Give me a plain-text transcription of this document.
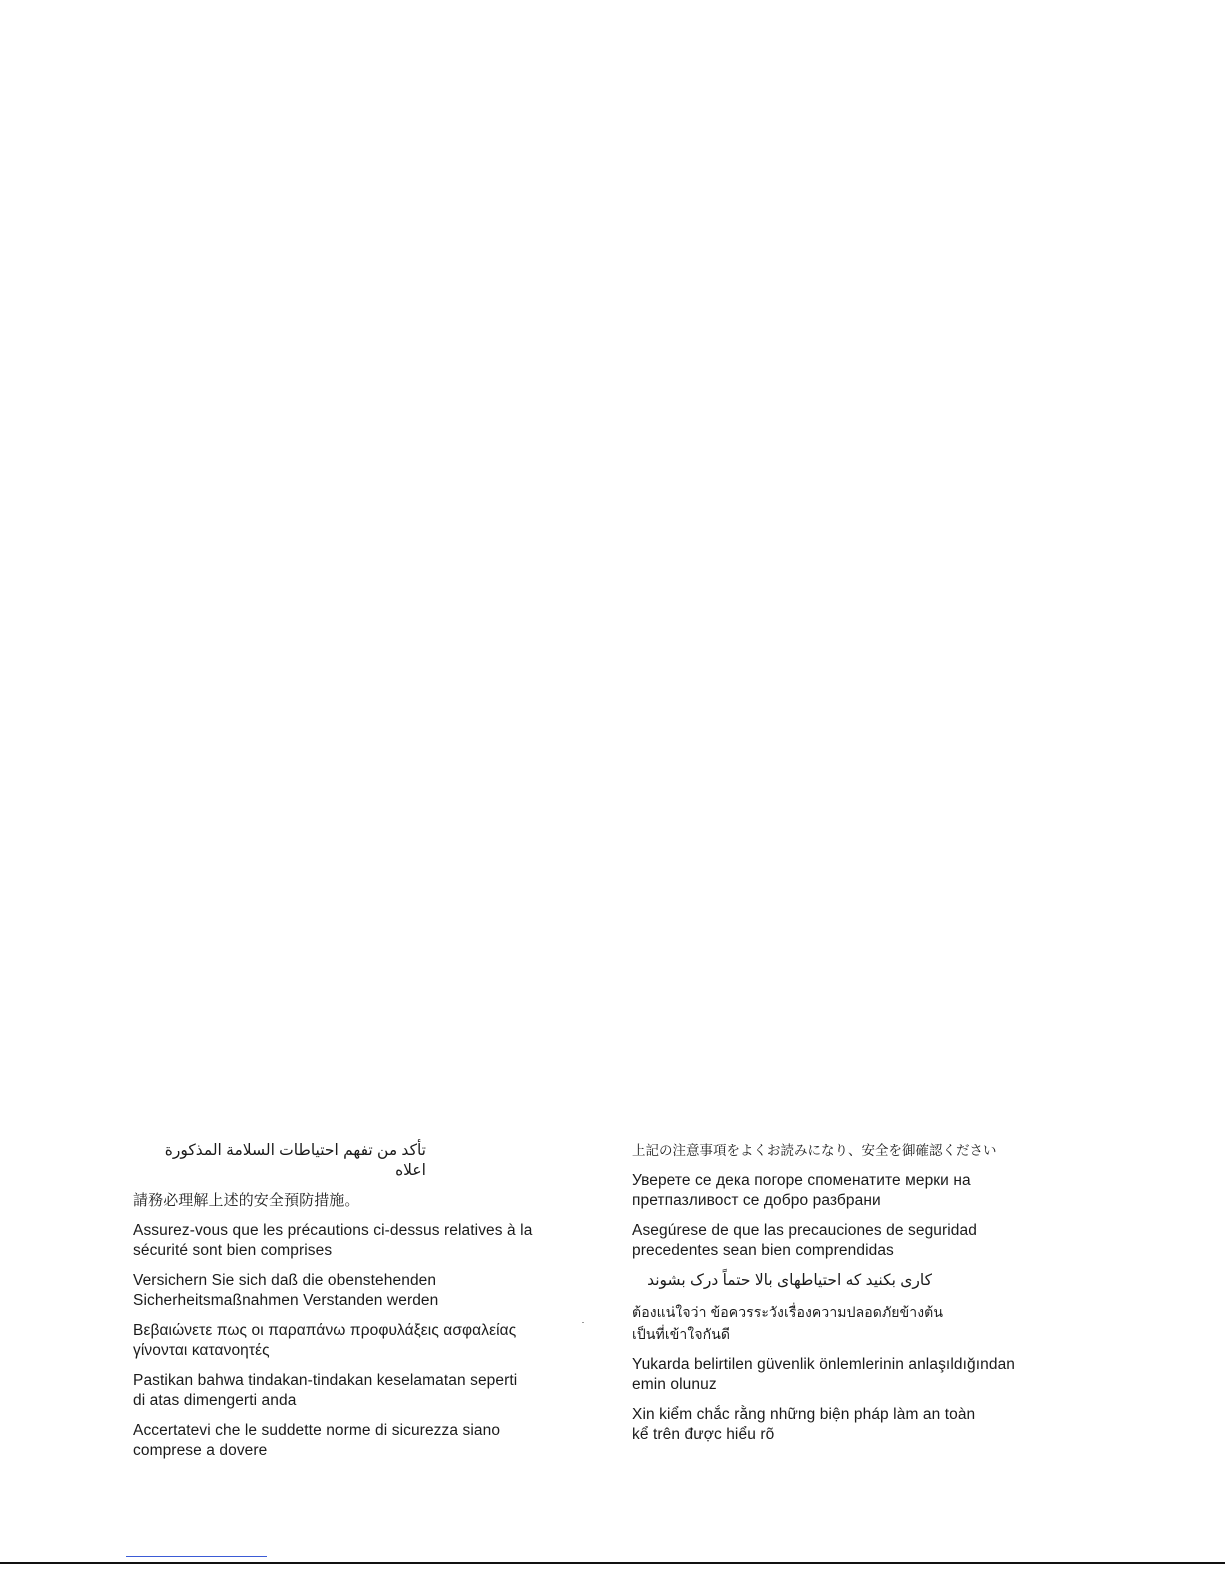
تأكد من تفهم احتياطات السلامة المذكورة اعلاه

請務必理解上述的安全預防措施。

Assurez-vous que les précautions ci-dessus relatives à la
sécurité sont bien comprises

Versichern Sie sich daß die obenstehenden
Sicherheitsmaßnahmen Verstanden werden

Βεβαιώνετε πως οι παραπάνω προφυλάξεις ασφαλείας
γίνονται κατανοητές

Pastikan bahwa tindakan-tindakan keselamatan seperti
di atas dimengerti anda

Accertatevi che le suddette norme di sicurezza siano
comprese a dovere

上記の注意事項をよくお読みになり、安全を御確認ください

Уверете се дека погоре споменатите мерки на
претпазливост се добро разбрани

Asegúrese de que las precauciones de seguridad
precedentes sean bien comprendidas

کاری بکنید که احتیاطهای بالا حتماً درک بشوند

ต้องแน่ใจว่า ข้อควรระวังเรื่องความปลอดภัยข้างต้น
เป็นที่เข้าใจกันดี

Yukarda belirtilen güvenlik önlemlerinin anlaşıldığından
emin olunuz

Xin kiểm chắc rằng những biện pháp làm an toàn
kể trên được hiểu rõ
